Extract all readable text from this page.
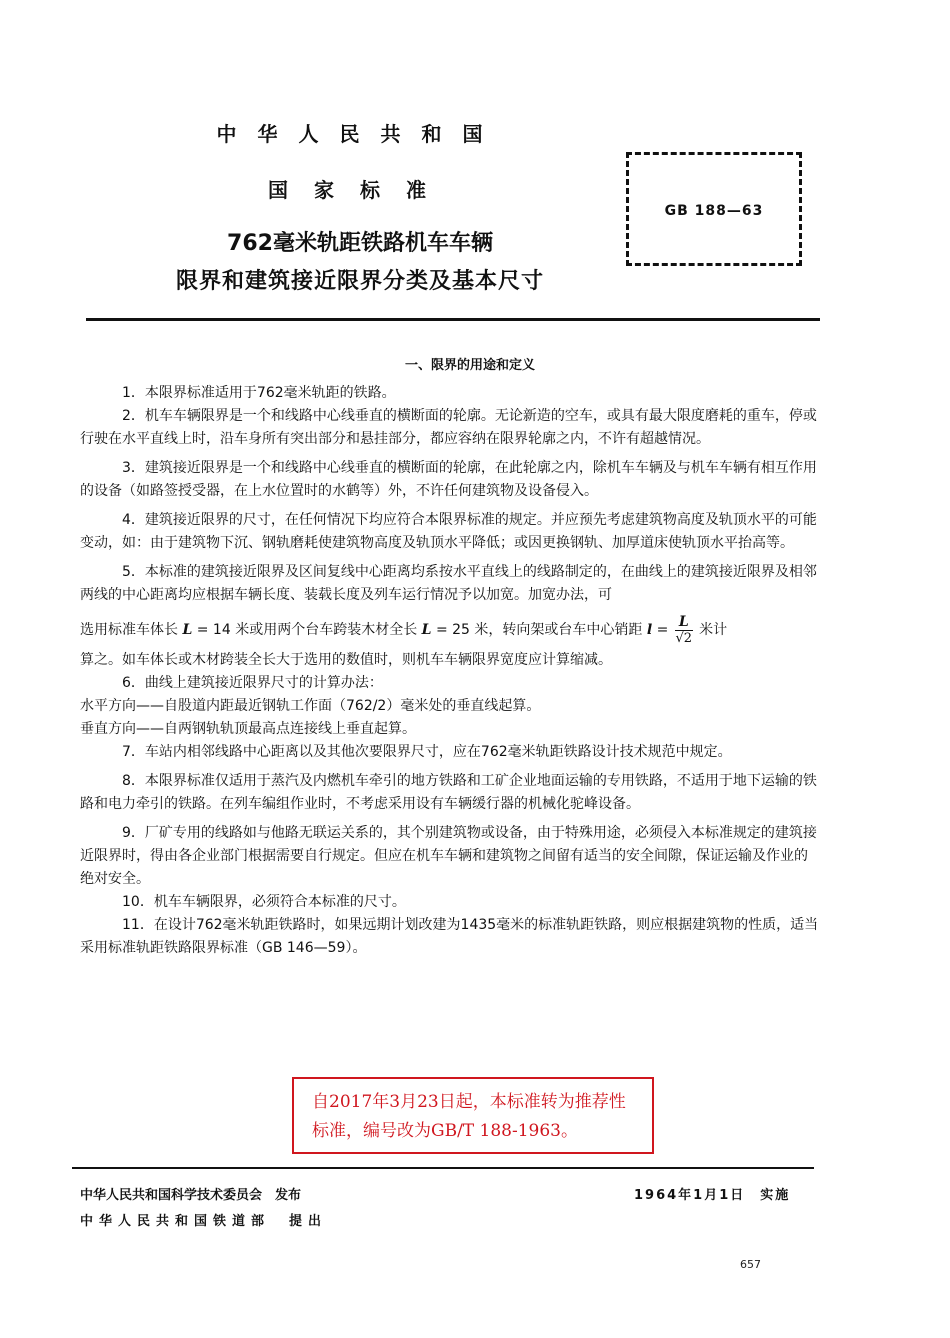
中华人民共和国
国家标准
762毫米轨距铁路机车车辆
限界和建筑接近限界分类及基本尺寸
GB 188—63
一、限界的用途和定义

1．本限界标准适用于762毫米轨距的铁路。

2．机车车辆限界是一个和线路中心线垂直的横断面的轮廓。无论新造的空车，或具有最大限度磨耗的重车，停或行驶在水平直线上时，沿车身所有突出部分和悬挂部分，都应容纳在限界轮廓之内，不许有超越情况。

3．建筑接近限界是一个和线路中心线垂直的横断面的轮廓，在此轮廓之内，除机车车辆及与机车车辆有相互作用的设备（如路签授受器，在上水位置时的水鹤等）外，不许任何建筑物及设备侵入。

4．建筑接近限界的尺寸，在任何情况下均应符合本限界标准的规定。并应预先考虑建筑物高度及轨顶水平的可能变动，如：由于建筑物下沉、钢轨磨耗使建筑物高度及轨顶水平降低；或因更换钢轨、加厚道床使轨顶水平抬高等。

5．本标准的建筑接近限界及区间复线中心距离均系按水平直线上的线路制定的，在曲线上的建筑接近限界及相邻两线的中心距离均应根据车辆长度、装载长度及列车运行情况予以加宽。加宽办法，可

选用标准车体长 L = 14 米或用两个台车跨装木材全长 L = 25 米，转向架或台车中心销距 $l = \frac{L}{√2}$ 米计

算之。如车体长或木材跨装全长大于选用的数值时，则机车车辆限界宽度应计算缩减。

6．曲线上建筑接近限界尺寸的计算办法：

水平方向——自股道内距最近钢轨工作面（762/2）毫米处的垂直线起算。

垂直方向——自两钢轨轨顶最高点连接线上垂直起算。

7．车站内相邻线路中心距离以及其他次要限界尺寸，应在762毫米轨距铁路设计技术规范中规定。

8．本限界标准仅适用于蒸汽及内燃机车牵引的地方铁路和工矿企业地面运输的专用铁路，不适用于地下运输的铁路和电力牵引的铁路。在列车编组作业时，不考虑采用设有车辆缓行器的机械化驼峰设备。

9．厂矿专用的线路如与他路无联运关系的，其个别建筑物或设备，由于特殊用途，必须侵入本标准规定的建筑接近限界时，得由各企业部门根据需要自行规定。但应在机车车辆和建筑物之间留有适当的安全间隙，保证运输及作业的绝对安全。

10．机车车辆限界，必须符合本标准的尺寸。

11．在设计762毫米轨距铁路时，如果远期计划改建为1435毫米的标准轨距铁路，则应根据建筑物的性质，适当采用标准轨距铁路限界标准（GB 146—59）。

自2017年3月23日起，本标准转为推荐性
标准，编号改为GB/T 188-1963。
中华人民共和国科学技术委员会　发布
中华人民共和国铁道部　提出
1964年1月1日　实施
657
